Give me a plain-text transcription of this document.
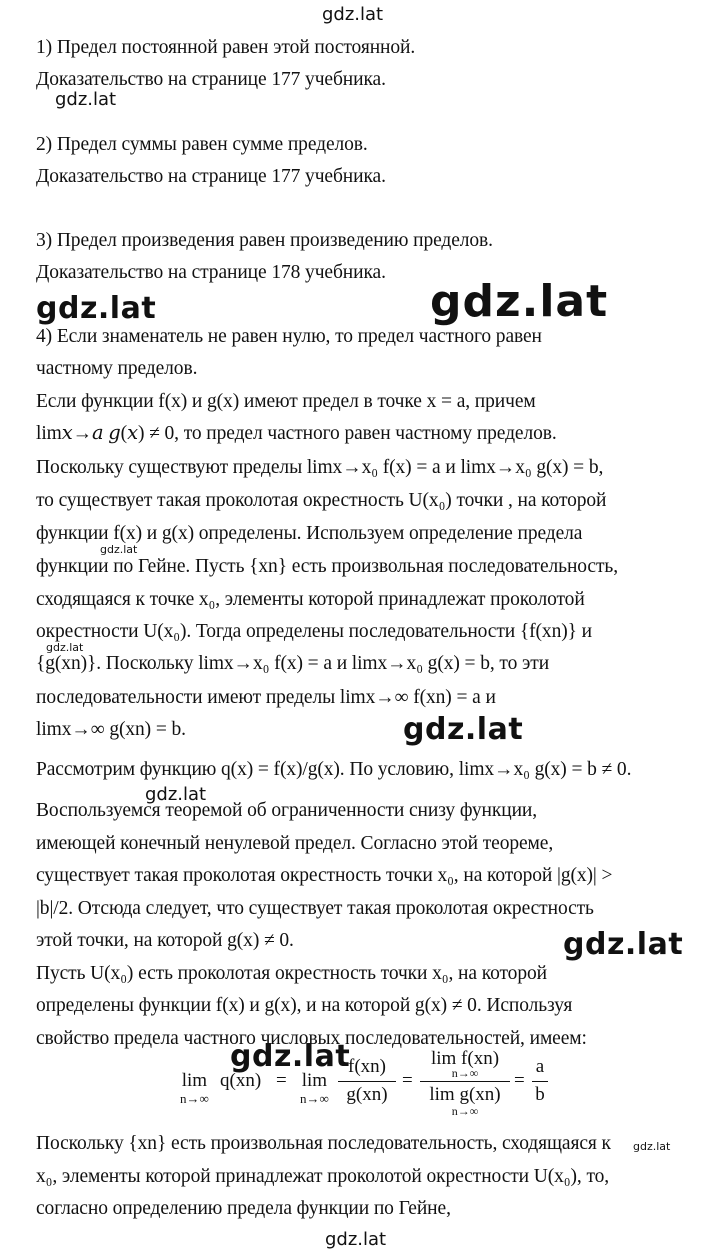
gdz.lat
gdz.lat
gdz.lat	gdz.lat
gdz.lat
gdz.lat
gdz.lat
gdz.lat
gdz.lat
gdz.lat
gdz.lat
gdz.lat
1) Предел постоянной равен этой постоянной.
Доказательство на странице 177 учебника.
2) Предел суммы равен сумме пределов.
Доказательство на странице 177 учебника.
3) Предел произведения равен произведению пределов.
Доказательство на странице 178 учебника.
4) Если знаменатель не равен нулю, то предел частного равен
частному пределов.
Если функции f(x) и g(x) имеют предел в точке x = a, причем
lim𝑥→𝑎 𝑔(𝑥) ≠ 0, то предел частного равен частному пределов.
Поскольку существуют пределы limx→x₀ f(x) = a и limx→x₀ g(x) = b,
то существует такая проколотая окрестность U(x₀) точки , на которой
функции f(x) и g(x) определены. Используем определение предела
функции по Гейне. Пусть {xn} есть произвольная последовательность,
сходящаяся к точке x₀, элементы которой принадлежат проколотой
окрестности U(x₀). Тогда определены последовательности {f(xn)} и
{g(xn)}. Поскольку limx→x₀ f(x) = a и limx→x₀ g(x) = b, то эти
последовательности имеют пределы limx→∞ f(xn) = a и
limx→∞ g(xn) = b.
Рассмотрим функцию q(x) = f(x)/g(x). По условию, limx→x₀ g(x) = b ≠ 0.
Воспользуемся теоремой об ограниченности снизу функции,
имеющей конечный ненулевой предел. Согласно этой теореме,
существует такая проколотая окрестность точки x₀, на которой |g(x)| >
|b|/2. Отсюда следует, что существует такая проколотая окрестность
этой точки, на которой g(x) ≠ 0.
Пусть U(x₀) есть проколотая окрестность точки x₀, на которой
определены функции f(x) и g(x), и на которой g(x) ≠ 0. Используя
свойство предела частного числовых последовательностей, имеем:
lim
n→∞
q(xn) = lim
n→∞
f(xn)
g(xn)
=
lim f(xn)
n→∞
lim g(xn)
n→∞
=
a
b
Поскольку {xn} есть произвольная последовательность, сходящаяся к
x₀, элементы которой принадлежат проколотой окрестности U(x₀), то,
согласно определению предела функции по Гейне,
